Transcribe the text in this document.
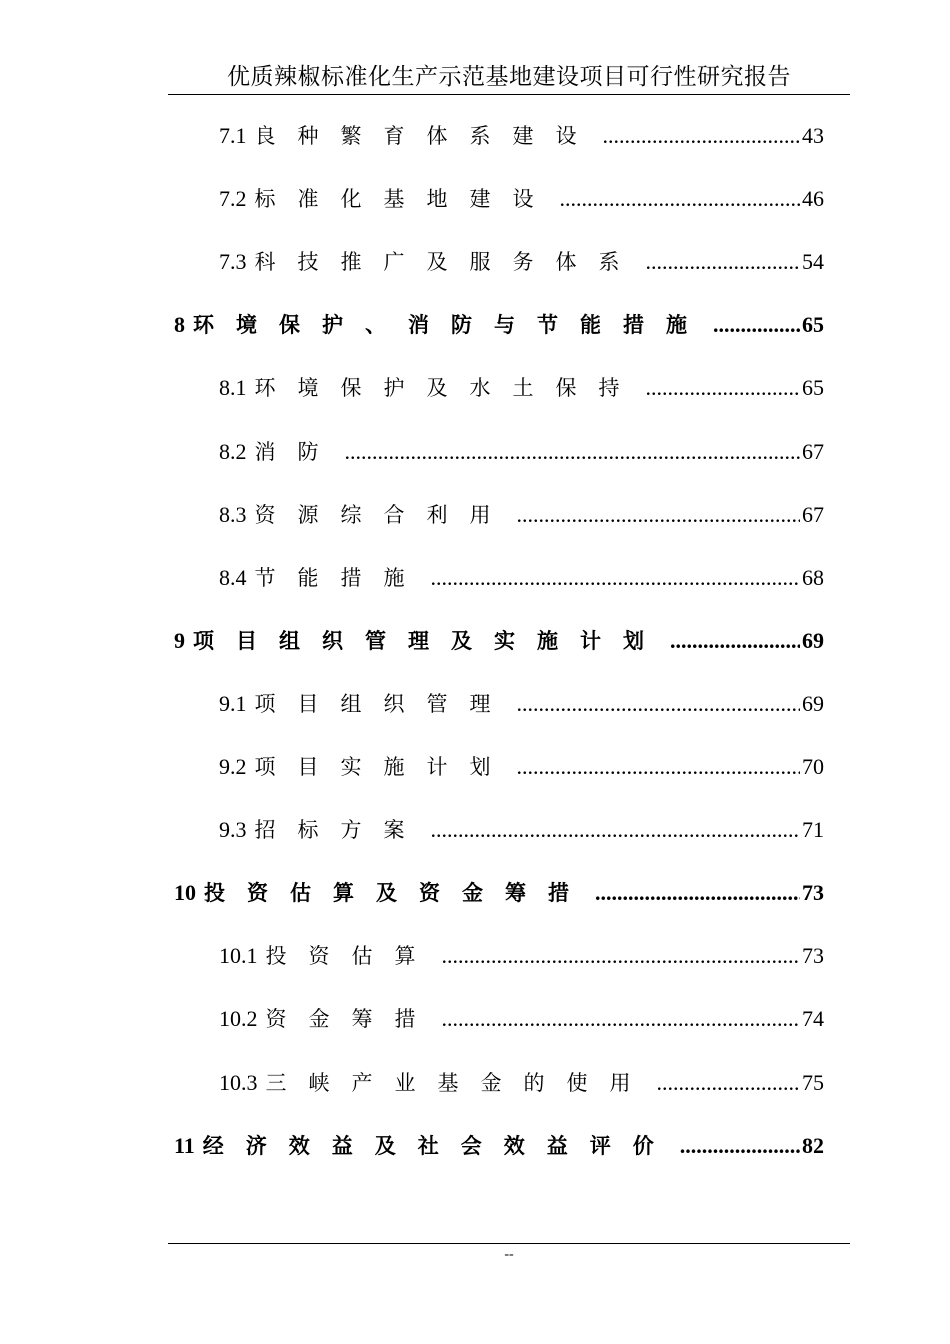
优质辣椒标准化生产示范基地建设项目可行性研究报告
7.1 良种繁育体系建设 .....	43
7.2 标准化基地建设 .....	46
7.3 科技推广及服务体系 .....	54
8 环境保护、消防与节能措施 .....	65
8.1 环境保护及水土保持 .....	65
8.2 消防 .....	67
8.3 资源综合利用 .....	67
8.4 节能措施 .....	68
9 项目组织管理及实施计划 .....	69
9.1 项目组织管理 .....	69
9.2 项目实施计划 .....	70
9.3 招标方案 .....	71
10 投资估算及资金筹措 .....	73
10.1 投资估算 .....	73
10.2 资金筹措 .....	74
10.3 三峡产业基金的使用 .....	75
11 经济效益及社会效益评价 .....	82
--
